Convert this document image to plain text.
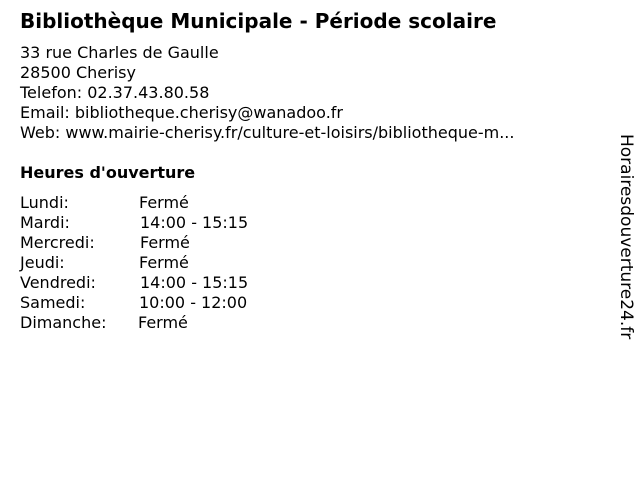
Bibliothèque Municipale - Période scolaire
33 rue Charles de Gaulle
28500 Cherisy
Telefon: 02.37.43.80.58
Email: bibliotheque.cherisy@wanadoo.fr
Web: www.mairie-cherisy.fr/culture-et-loisirs/bibliotheque-m...
Heures d'ouverture
Lundi:	Fermé
Mardi:	14:00 - 15:15
Mercredi:	Fermé
Jeudi:	Fermé
Vendredi:	14:00 - 15:15
Samedi:	10:00 - 12:00
Dimanche: Fermé	Horairesdouverture24.fr
